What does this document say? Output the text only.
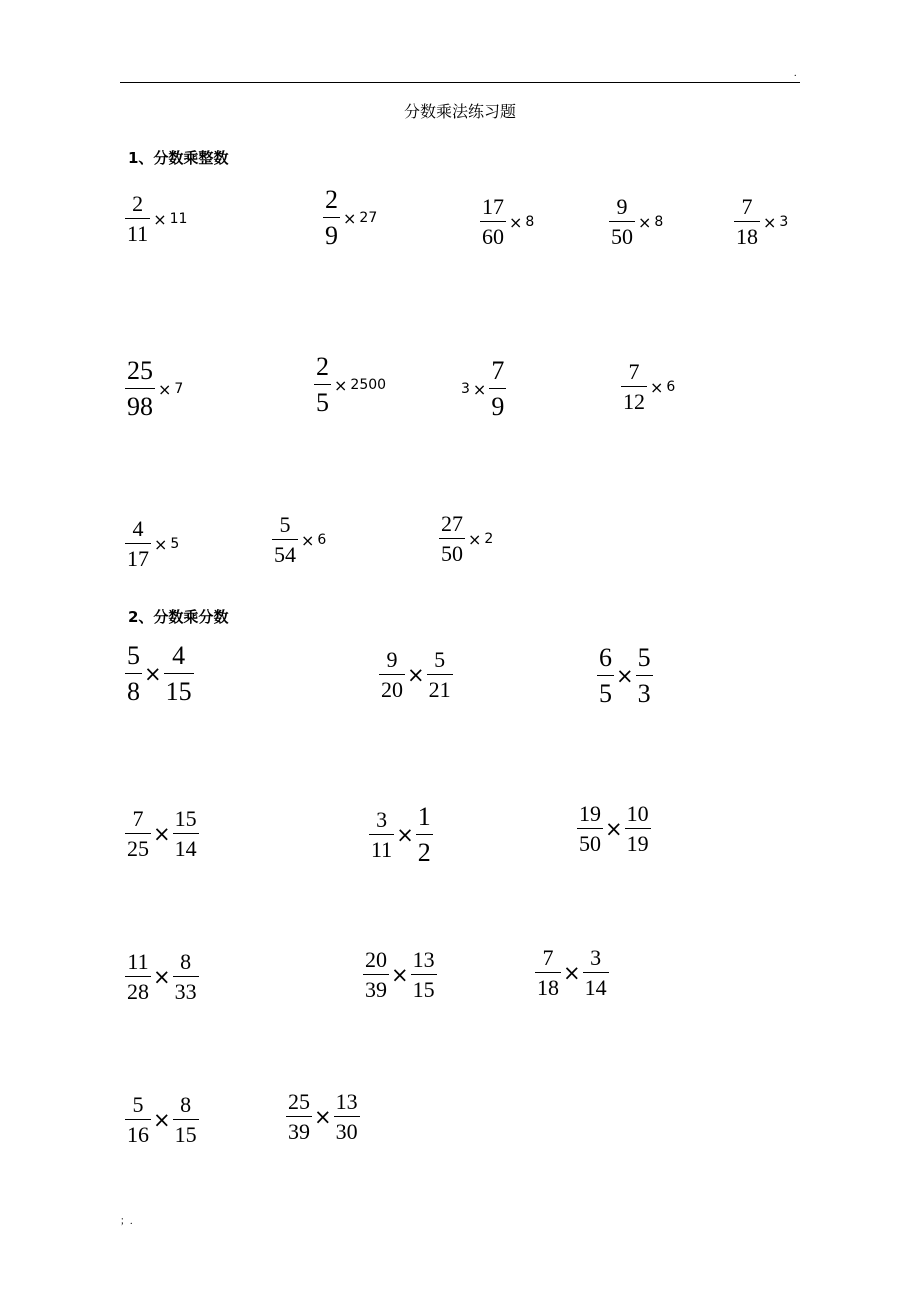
.
分数乘法练习题
1、分数乘整数
$\frac{2}{11} \times 11$	$\frac{2}{9} \times 27$	$\frac{17}{60} \times 8$	$\frac{9}{50} \times 8$	$\frac{7}{18} \times 3$
$\frac{25}{98} \times 7$	$\frac{2}{5} \times 2500$	$3 \times \frac{7}{9}$	$\frac{7}{12} \times 6$
$\frac{4}{17} \times 5$	$\frac{5}{54} \times 6$	$\frac{27}{50} \times 2$
2、分数乘分数
$\frac{5}{8} \times \frac{4}{15}$	$\frac{9}{20} \times \frac{5}{21}$	$\frac{6}{5} \times \frac{5}{3}$
$\frac{7}{25} \times \frac{15}{14}$	$\frac{3}{11} \times \frac{1}{2}$	$\frac{19}{50} \times \frac{10}{19}$
$\frac{11}{28} \times \frac{8}{33}$	$\frac{20}{39} \times \frac{13}{15}$	$\frac{7}{18} \times \frac{3}{14}$
$\frac{5}{16} \times \frac{8}{15}$	$\frac{25}{39} \times \frac{13}{30}$
；.
